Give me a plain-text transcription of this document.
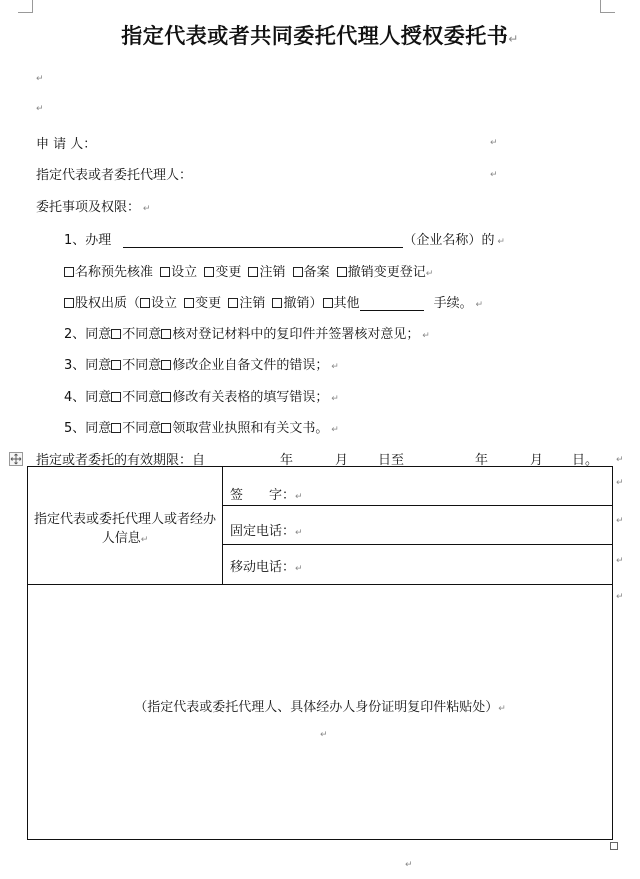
指定代表或者共同委托代理人授权委托书↵
↵
↵
申 请 人：	↵
指定代表或者委托代理人：	↵
委托事项及权限： ↵
1、办理	（企业名称）的 ↵
名称预先核准 设立 变更 注销 备案 撤销变更登记↵
股权出质（ 设立 变更 注销 撤销） 其他	手续。 ↵
2、同意 不同意 核对登记材料中的复印件并签署核对意见； ↵
3、同意 不同意 修改企业自备文件的错误； ↵
4、同意 不同意 修改有关表格的填写错误； ↵
5、同意 不同意 领取营业执照和有关文书。 ↵
指定或者委托的有效期限：自	年	月 日至	年	月 日。 ↵
指定代表或委托代理人或者经办人信息↵
签　　字：↵
固定电话：↵
移动电话：↵
↵
↵
↵
↵
（指定代表或委托代理人、具体经办人身份证明复印件粘贴处）↵
↵
↵
